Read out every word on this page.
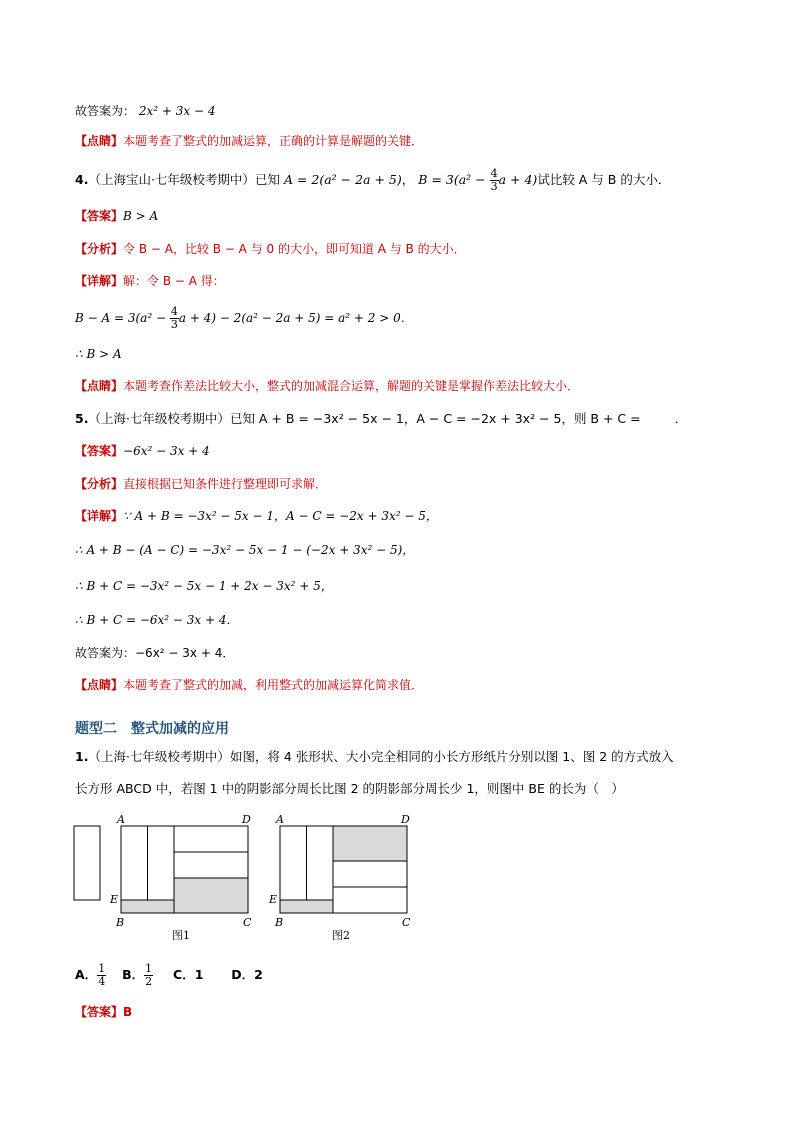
故答案为： 2x² + 3x − 4
【点睛】本题考查了整式的加减运算，正确的计算是解题的关键．
4.（上海宝山·七年级校考期中）已知 A = 2(a² − 2a + 5)， $B = 3(a^2 - \frac{4}{3}$ a + 4)试比较 A 与 B 的大小．
【答案】B > A
【分析】令 B − A，比较 B − A 与 0 的大小，即可知道 A 与 B 的大小．
【详解】解：令 B − A 得：
$B - A = 3(a^2 - \frac{4}{3}$ a + 4) − 2(a² − 2a + 5) = a² + 2 > 0．
∴ B > A
【点睛】本题考查作差法比较大小，整式的加减混合运算，解题的关键是掌握作差法比较大小．
5.（上海·七年级校考期中）已知 A + B = −3x² − 5x − 1，A − C = −2x + 3x² − 5，则 B + C =	．
【答案】−6x² − 3x + 4
【分析】直接根据已知条件进行整理即可求解．
【详解】∵ A + B = −3x² − 5x − 1，A − C = −2x + 3x² − 5，
∴ A + B − (A − C) = −3x² − 5x − 1 − (−2x + 3x² − 5)，
∴ B + C = −3x² − 5x − 1 + 2x − 3x² + 5，
∴ B + C = −6x² − 3x + 4．
故答案为：−6x² − 3x + 4．
【点睛】本题考查了整式的加减，利用整式的加减运算化简求值．
题型二　整式加减的应用
1.（上海·七年级校考期中）如图，将 4 张形状、大小完全相同的小长方形纸片分别以图 1、图 2 的方式放入
长方形 ABCD 中，若图 1 中的阴影部分周长比图 2 的阴影部分周长少 1，则图中 BE 的长为（　）
A	D
E
B	C
图1
A	D
E
B	C
图2
A． $\frac{1}{4}$ B． $\frac{1}{2}$ C．1 D．2
【答案】B
